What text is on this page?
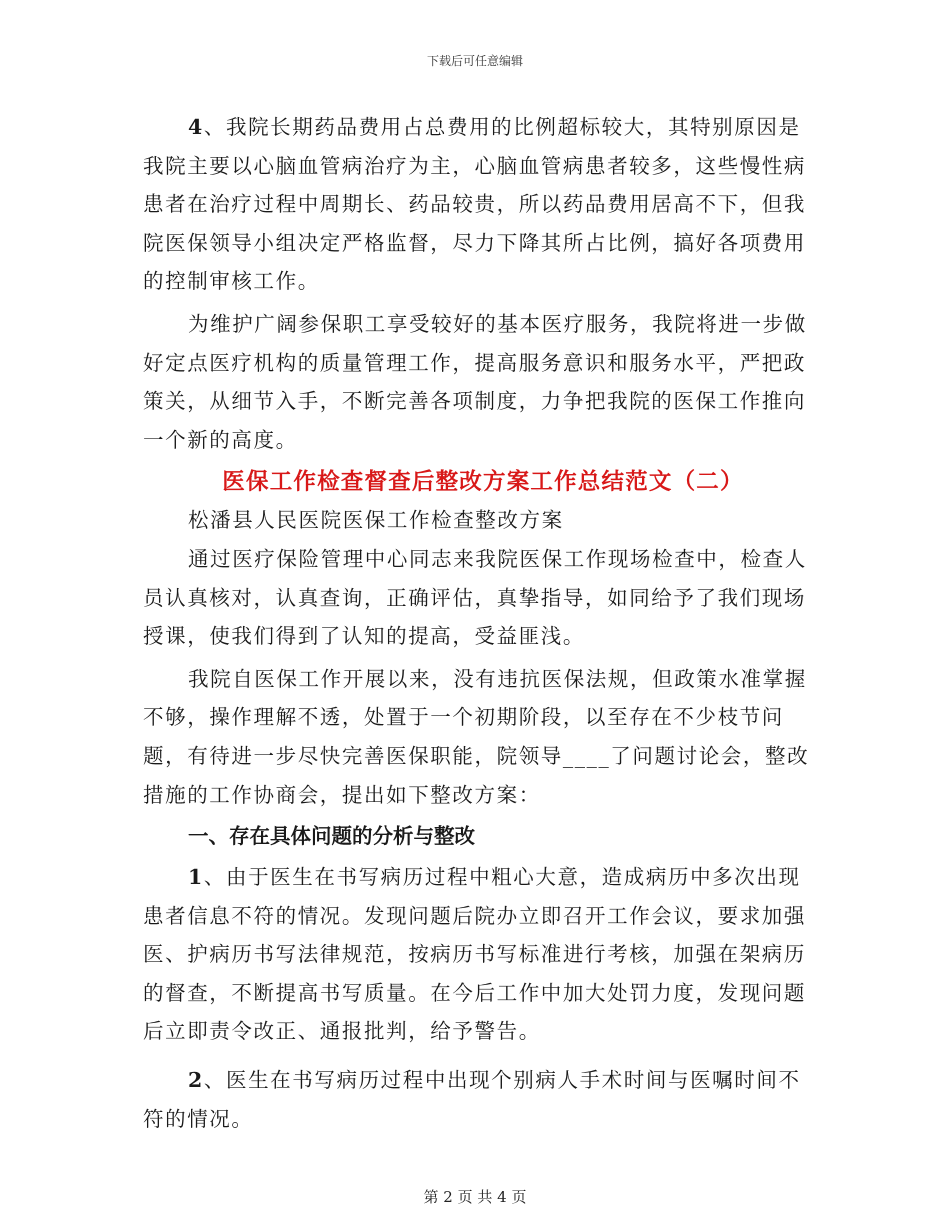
下载后可任意编辑

4、我院长期药品费用占总费用的比例超标较大，其特别原因是我院主要以心脑血管病治疗为主，心脑血管病患者较多，这些慢性病患者在治疗过程中周期长、药品较贵，所以药品费用居高不下，但我院医保领导小组决定严格监督，尽力下降其所占比例，搞好各项费用的控制审核工作。

为维护广阔参保职工享受较好的基本医疗服务，我院将进一步做好定点医疗机构的质量管理工作，提高服务意识和服务水平，严把政策关，从细节入手，不断完善各项制度，力争把我院的医保工作推向一个新的高度。

医保工作检查督查后整改方案工作总结范文（二）

松潘县人民医院医保工作检查整改方案

通过医疗保险管理中心同志来我院医保工作现场检查中，检查人员认真核对，认真查询，正确评估，真挚指导，如同给予了我们现场授课，使我们得到了认知的提高，受益匪浅。

我院自医保工作开展以来，没有违抗医保法规，但政策水准掌握不够，操作理解不透，处置于一个初期阶段，以至存在不少枝节问题，有待进一步尽快完善医保职能，院领导____了问题讨论会，整改措施的工作协商会，提出如下整改方案：

一、存在具体问题的分析与整改

1、由于医生在书写病历过程中粗心大意，造成病历中多次出现患者信息不符的情况。发现问题后院办立即召开工作会议，要求加强医、护病历书写法律规范，按病历书写标准进行考核，加强在架病历的督查，不断提高书写质量。在今后工作中加大处罚力度，发现问题后立即责令改正、通报批判，给予警告。

2、医生在书写病历过程中出现个别病人手术时间与医嘱时间不符的情况。

第 2 页 共 4 页
